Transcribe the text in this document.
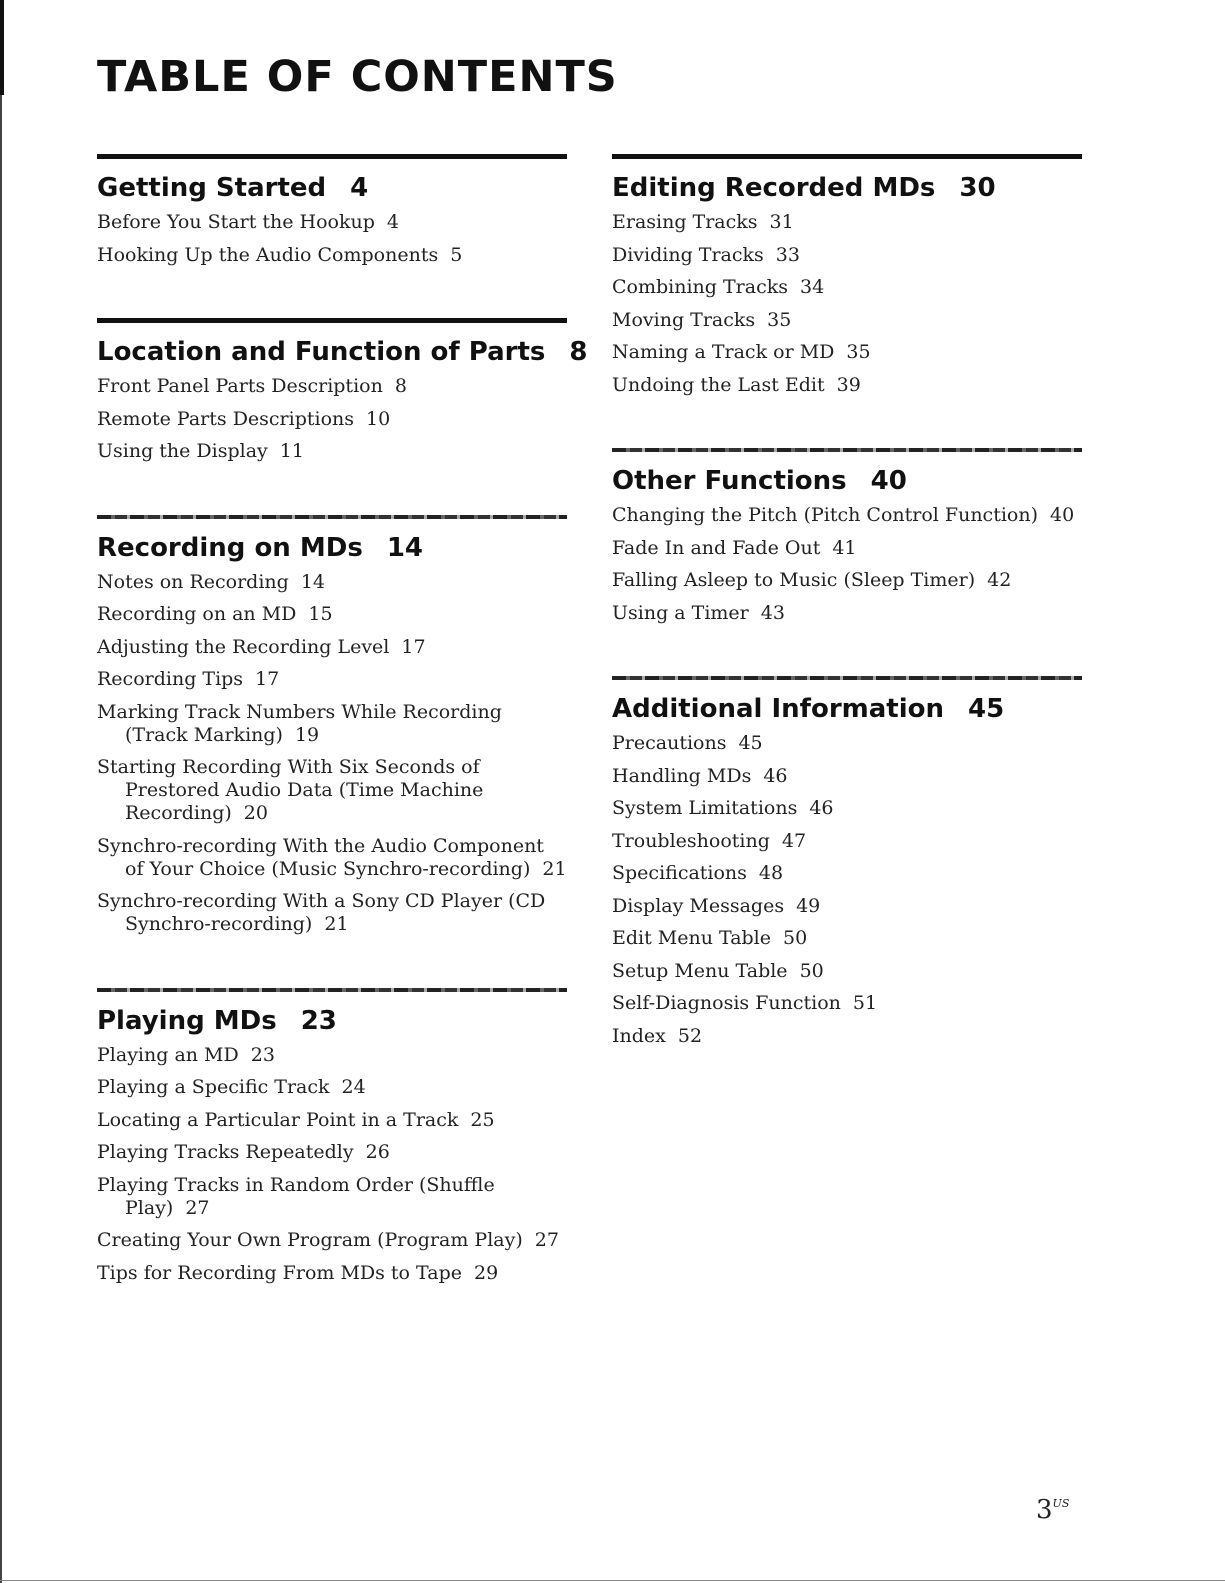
TABLE OF CONTENTS
Getting Started 4
Before You Start the Hookup 4
Hooking Up the Audio Components 5
Location and Function of Parts 8
Front Panel Parts Description 8
Remote Parts Descriptions 10
Using the Display 11
Recording on MDs 14
Notes on Recording 14
Recording on an MD 15
Adjusting the Recording Level 17
Recording Tips 17
Marking Track Numbers While Recording (Track Marking) 19
Starting Recording With Six Seconds of Prestored Audio Data (Time Machine Recording) 20
Synchro-recording With the Audio Component of Your Choice (Music Synchro-recording) 21
Synchro-recording With a Sony CD Player (CD Synchro-recording) 21
Playing MDs 23
Playing an MD 23
Playing a Specific Track 24
Locating a Particular Point in a Track 25
Playing Tracks Repeatedly 26
Playing Tracks in Random Order (Shuffle Play) 27
Creating Your Own Program (Program Play) 27
Tips for Recording From MDs to Tape 29
Editing Recorded MDs 30
Erasing Tracks 31
Dividing Tracks 33
Combining Tracks 34
Moving Tracks 35
Naming a Track or MD 35
Undoing the Last Edit 39
Other Functions 40
Changing the Pitch (Pitch Control Function) 40
Fade In and Fade Out 41
Falling Asleep to Music (Sleep Timer) 42
Using a Timer 43
Additional Information 45
Precautions 45
Handling MDs 46
System Limitations 46
Troubleshooting 47
Specifications 48
Display Messages 49
Edit Menu Table 50
Setup Menu Table 50
Self-Diagnosis Function 51
Index 52
$3^{US}$
